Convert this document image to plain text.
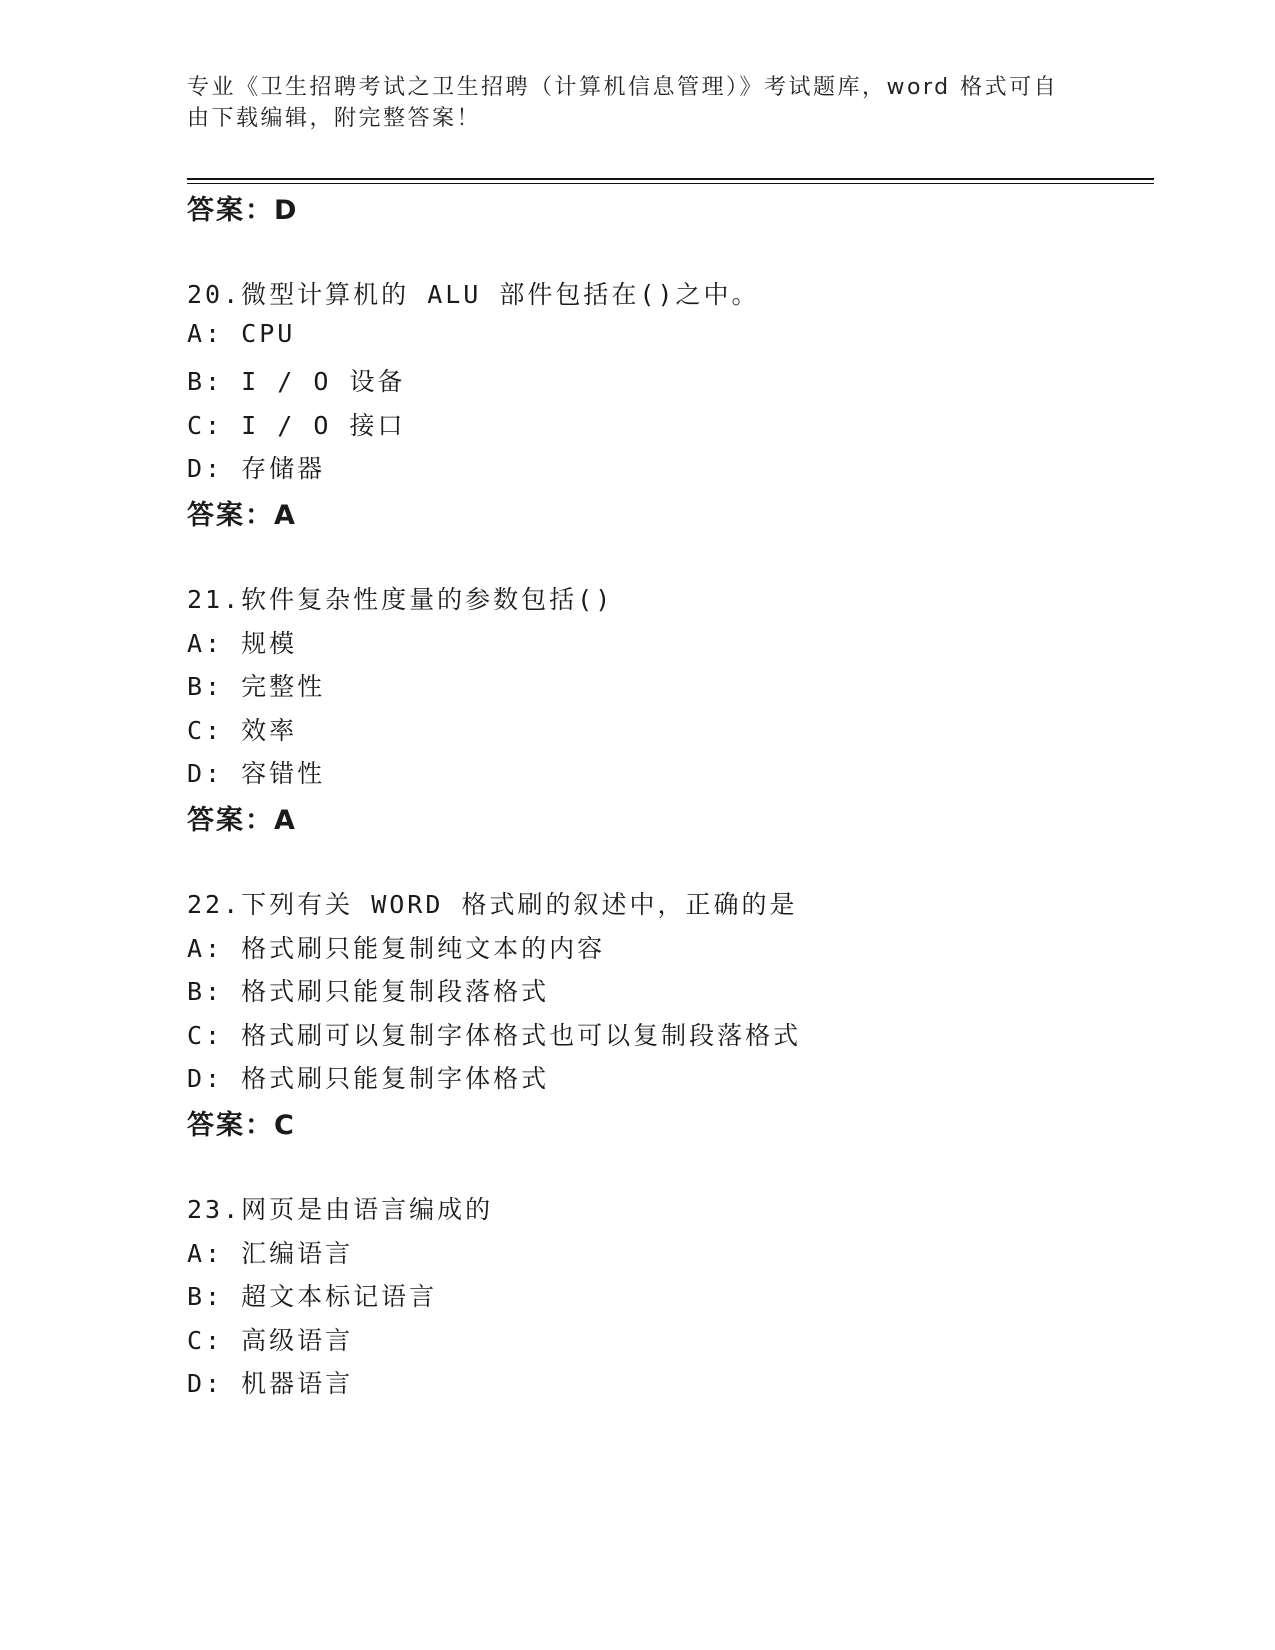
专业《卫生招聘考试之卫生招聘（计算机信息管理）》考试题库，word 格式可自
由下载编辑，附完整答案！
答案：D
20.微型计算机的 ALU 部件包括在()之中。
A: CPU
B: I / O 设备
C: I / O 接口
D: 存储器
答案：A
21.软件复杂性度量的参数包括()
A: 规模
B: 完整性
C: 效率
D: 容错性
答案：A
22.下列有关 WORD 格式刷的叙述中，正确的是
A: 格式刷只能复制纯文本的内容
B: 格式刷只能复制段落格式
C: 格式刷可以复制字体格式也可以复制段落格式
D: 格式刷只能复制字体格式
答案：C
23.网页是由语言编成的
A: 汇编语言
B: 超文本标记语言
C: 高级语言
D: 机器语言
